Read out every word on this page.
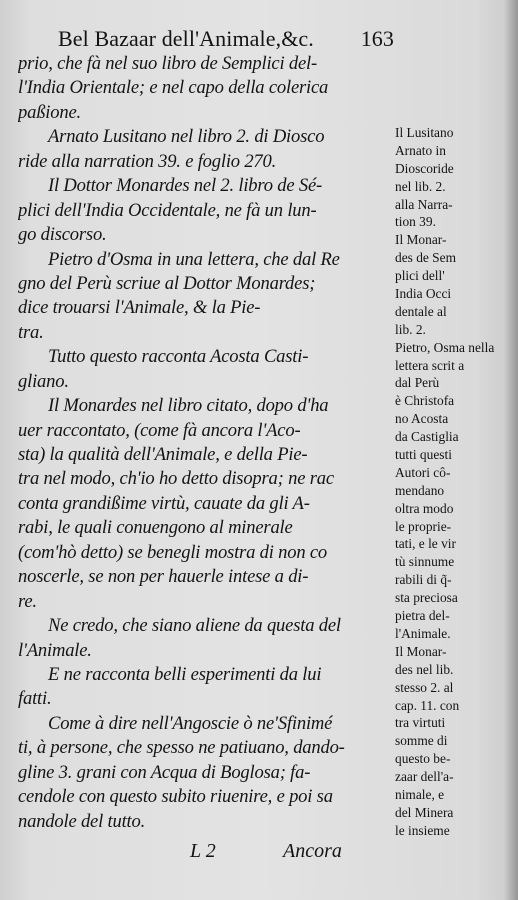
Bel Bazaar dell'Animale,&c. 163
prio, che fà nel suo libro de Semplici del-
l'India Orientale; e nel capo della colerica
paßione.
Arnato Lusitano nel libro 2. di Diosco
ride alla narration 39. e foglio 270.
Il Dottor Monardes nel 2. libro de Sé-
plici dell'India Occidentale, ne fà un lun-
go discorso.
Pietro d'Osma in una lettera, che dal Re
gno del Perù scriue al Dottor Monardes;
dice trouarsi l'Animale, & la Pie-
tra.
Tutto questo racconta Acosta Casti-
gliano.
Il Monardes nel libro citato, dopo d'ha
uer raccontato, (come fà ancora l'Aco-
sta) la qualità dell'Animale, e della Pie-
tra nel modo, ch'io ho detto disopra; ne rac
conta grandißime virtù, cauate da gli A-
rabi, le quali conuengono al minerale
(com'hò detto) se benegli mostra di non co
noscerle, se non per hauerle intese a di-
re.
Ne credo, che siano aliene da questa del
l'Animale.
E ne racconta belli esperimenti da lui
fatti.
Come à dire nell'Angoscie ò ne'Sfinimé
ti, à persone, che spesso ne patiuano, dando-
gline 3. grani con Acqua di Boglosa; fa-
cendole con questo subito riuenire, e poi sa
nandole del tutto.
Il Lusitano
Arnato in
Dioscoride
nel lib. 2.
alla Narra-
tion 39.
Il Monar-
des de Sem
plici dell'
India Occi
dentale al
lib. 2.
Pietro, Osma nella
lettera scrit a
dal Perù
è Christofa
no Acosta
da Castiglia
tutti questi
Autori cô-
mendano
oltra modo
le proprie-
tati, e le vir
tù sinnume
rabili di q̃-
sta preciosa
pietra del-
l'Animale.
Il Monar-
des nel lib.
stesso 2. al
cap. 11. con
tra virtuti
somme di
questo be-
zaar dell'a-
nimale, e
del Minera
le insieme
L 2	Ancora
